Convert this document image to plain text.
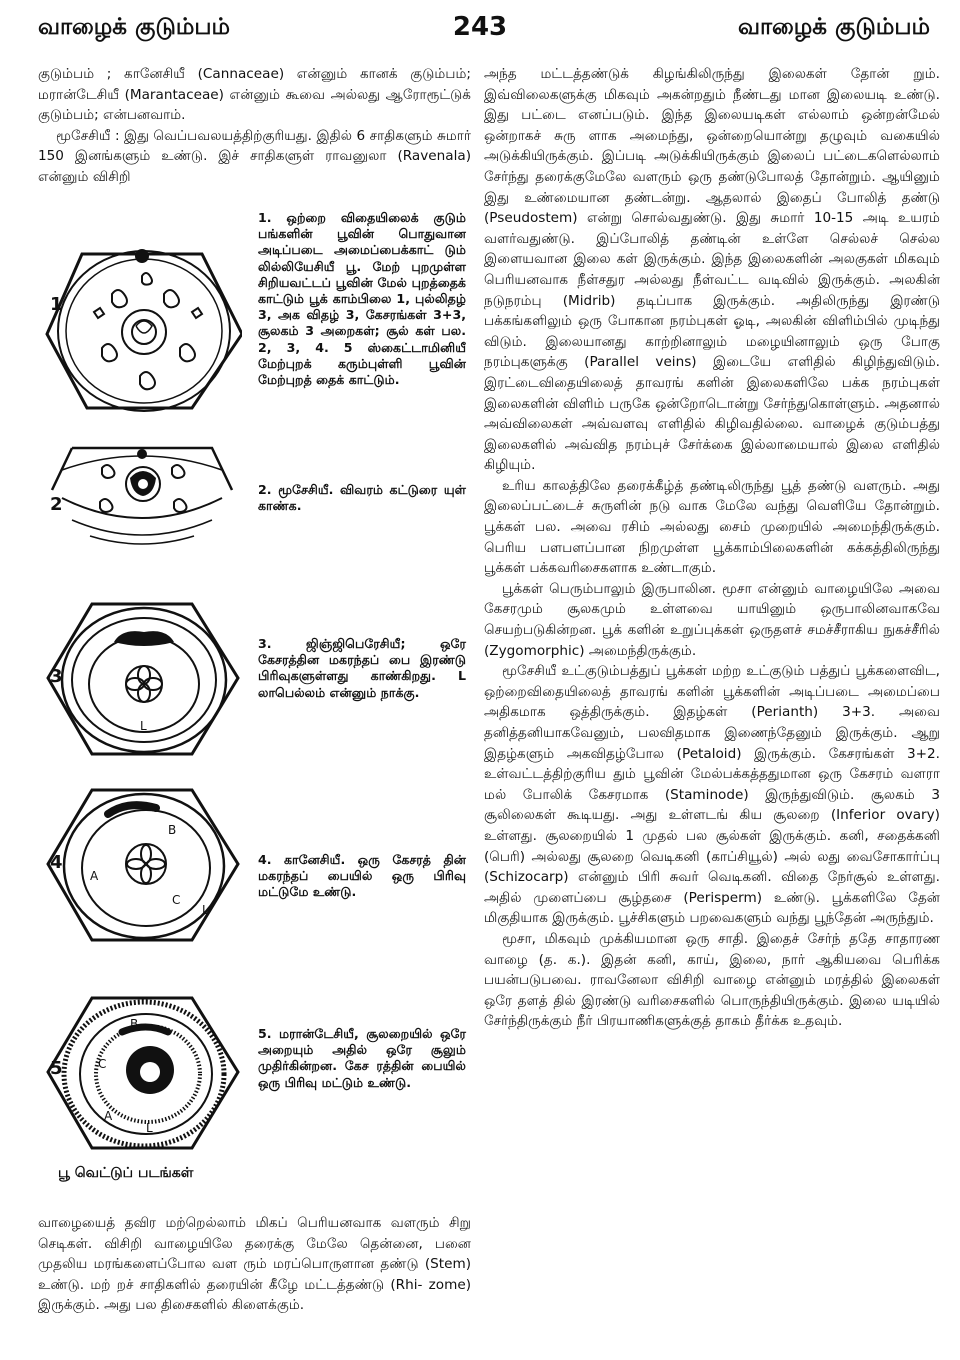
வாழைக் குடும்பம்	243	வாழைக் குடும்பம்

குடும்பம் ; கானேசியீ (Cannaceae) என்னும் கானக் குடும்பம்; மரான்டேசியீ (Marantaceae) என்னும் கூவை அல்லது ஆரோரூட்டுக் குடும்பம்; என்பனவாம்.

மூசேசியீ : இது வெப்பவலயத்திற்குரியது. இதில் 6 சாதிகளும் சுமார் 150 இனங்களும் உண்டு. இச் சாதிகளுள் ராவனுலா (Ravenala) என்னும் விசிறி

1
1. ஒற்றை விதையிலைக் குடும் பங்களின் பூவின் பொதுவான அடிப்படை அமைப்பைக்காட் டும் லில்லியேசியீ பூ. மேற் புறமுள்ள சிறியவட்டப் பூவின் மேல் புறத்தைக் காட்டும் பூக் காம்பிலை 1, புல்லிதழ் 3, அக விதழ் 3, கேசரங்கள் 3+3, சூலகம் 3 அறைகள்; சூல் கள் பல. 2, 3, 4. 5 ஸ்கைட்டாமினியீ மேற்புறக் கரும்புள்ளி பூவின் மேற்புறத் தைக் காட்டும்.
2
2. மூசேசியீ. விவரம் கட்டுரை யுள் காண்க.
3
L
3. ஜிஞ்ஜிபெரேசியீ; ஒரே கேசரத்தின மகரந்தப் பை இரண்டு பிரிவுகளுள்ளது காண்கிறது. L லாபெல்லம் என்னும் நாக்கு.
4
B
A
C
L
4. கானேசியீ. ஒரு கேசரத் தின் மகரந்தப் பையில் ஒரு பிரிவு மட்டுமே உண்டு.
5
B
C
A
L
5. மரான்டேசியீ, சூலறையில் ஒரே அறையும் அதில் ஒரே சூலும் முதிர்கின்றன. கேச ரத்தின் பையில் ஒரு பிரிவு மட்டும் உண்டு.
பூ வெட்டுப் படங்கள்

வாழையைத் தவிர மற்றெல்லாம் மிகப் பெரியனவாக வளரும் சிறு செடிகள். விசிறி வாழையிலே தரைக்கு மேலே தென்னை, பனை முதலிய மரங்களைப்போல வள ரும் மரப்பொருளான தண்டு (Stem) உண்டு. மற் றச் சாதிகளில் தரையின் கீழே மட்டத்தண்டு (Rhi- zome) இருக்கும். அது பல திசைகளில் கிளைக்கும்.

அந்த மட்டத்தண்டுக் கிழங்கிலிருந்து இலைகள் தோன் றும். இவ்விலைகளுக்கு மிகவும் அகன்றதும் நீண்டது மான இலையடி உண்டு. இது பட்டை எனப்படும். இந்த இலையடிகள் எல்லாம் ஒன்றன்மேல் ஒன்றாகச் சுரு ளாக அமைந்து, ஒன்றையொன்று தழுவும் வகையில் அடுக்கியிருக்கும். இப்படி அடுக்கியிருக்கும் இலைப் பட்டைகளெல்லாம் சேர்ந்து தரைக்குமேலே வளரும் ஒரு தண்டுபோலத் தோன்றும். ஆயினும் இது உண்மையான தண்டன்று. ஆதலால் இதைப் போலித் தண்டு (Pseudostem) என்று சொல்வதுண்டு. இது சுமார் 10-15 அடி உயரம் வளர்வதுண்டு. இப்போலித் தண்டின் உள்ளே செல்லச் செல்ல இளையவான இலை கள் இருக்கும். இந்த இலைகளின் அலகுகள் மிகவும் பெரியனவாக நீள்சதுர அல்லது நீள்வட்ட வடிவில் இருக்கும். அலகின் நடுநரம்பு (Midrib) தடிப்பாக இருக்கும். அதிலிருந்து இரண்டு பக்கங்களிலும் ஒரு போகான நரம்புகள் ஓடி, அலகின் விளிம்பில் முடிந்து விடும். இலையானது காற்றினாலும் மழையினாலும் ஒரு போகு நரம்புகளுக்கு (Parallel veins) இடையே எளிதில் கிழிந்துவிடும். இரட்டைவிதையிலைத் தாவரங் களின் இலைகளிலே பக்க நரம்புகள் இலைகளின் விளிம் பருகே ஒன்றோடொன்று சேர்ந்துகொள்ளும். அதனால் அவ்விலைகள் அவ்வளவு எளிதில் கிழிவதில்லை. வாழைக் குடும்பத்து இலைகளில் அவ்வித நரம்புச் சேர்க்கை இல்லாமையால் இலை எளிதில் கிழியும்.

உரிய காலத்திலே தரைக்கீழ்த் தண்டிலிருந்து பூத் தண்டு வளரும். அது இலைப்பட்டைச் சுருளின் நடு வாக மேலே வந்து வெளியே தோன்றும். பூக்கள் பல. அவை ரசிம் அல்லது சைம் முறையில் அமைந்திருக்கும். பெரிய பளபளப்பான நிறமுள்ள பூக்காம்பிலைகளின் கக்கத்திலிருந்து பூக்கள் பக்கவரிசைகளாக உண்டாகும்.

பூக்கள் பெரும்பாலும் இருபாலின. மூசா என்னும் வாழையிலே அவை கேசரமும் சூலகமும் உள்ளவை யாயினும் ஒருபாலினவாகவே செயற்படுகின்றன. பூக் களின் உறுப்புக்கள் ஒருதளச் சமச்சீராகிய நுகச்சீரில் (Zygomorphic) அமைந்திருக்கும்.

மூசேசியீ உட்குடும்பத்துப் பூக்கள் மற்ற உட்குடும் பத்துப் பூக்களைவிட, ஒற்றைவிதையிலைத் தாவரங் களின் பூக்களின் அடிப்படை அமைப்பை அதிகமாக ஒத்திருக்கும். இதழ்கள் (Perianth) 3+3. அவை தனித்தனியாகவேனும், பலவிதமாக இணைந்தேனும் இருக்கும். ஆறு இதழ்களும் அகவிதழ்போல (Petaloid) இருக்கும். கேசரங்கள் 3+2. உள்வட்டத்திற்குரிய தும் பூவின் மேல்பக்கத்ததுமான ஒரு கேசரம் வளரா மல் போலிக் கேசரமாக (Staminode) இருந்துவிடும். சூலகம் 3 சூலிலைகள் கூடியது. அது உள்ளடங் கிய சூலறை (Inferior ovary) உள்ளது. சூலறையில் 1 முதல் பல சூல்கள் இருக்கும். கனி, சதைக்கனி (பெரி) அல்லது சூலறை வெடிகனி (காப்சியூல்) அல் லது வைசோகார்ப்பு (Schizocarp) என்னும் பிரி சுவர் வெடிகனி. விதை நேர்சூல் உள்ளது. அதில் முளைப்பை சூழ்தசை (Perisperm) உண்டு. பூக்களிலே தேன் மிகுதியாக இருக்கும். பூச்சிகளும் பறவைகளும் வந்து பூந்தேன் அருந்தும்.

மூசா, மிகவும் முக்கியமான ஒரு சாதி. இதைச் சேர்ந் ததே சாதாரண வாழை (த. க.). இதன் கனி, காய், இலை, நார் ஆகியவை பெரிக்க பயன்படுபவை. ராவனேலா விசிறி வாழை என்னும் மரத்தில் இலைகள் ஒரே தளத் தில் இரண்டு வரிசைகளில் பொருந்தியிருக்கும். இலை யடியில் சேர்ந்திருக்கும் நீர் பிரயாணிகளுக்குத் தாகம் தீர்க்க உதவும்.
